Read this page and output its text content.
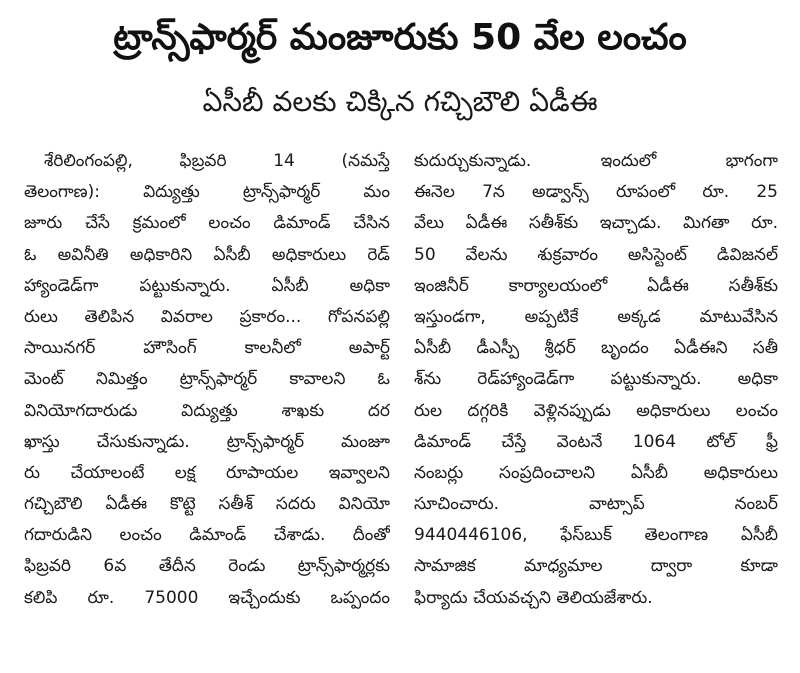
ట్రాన్స్‌ఫార్మర్ మంజూరుకు 50 వేల లంచం
ఏసీబీ వలకు చిక్కిన గచ్చిబౌలి ఏడీఈ
శేరిలింగంపల్లి, ఫిబ్రవరి 14 (నమస్తే
తెలంగాణ): విద్యుత్తు ట్రాన్స్‌ఫార్మర్ మం
జూరు చేసే క్రమంలో లంచం డిమాండ్ చేసిన
ఓ అవినీతి అధికారిని ఏసీబీ అధికారులు రెడ్
హ్యాండెడ్‌గా పట్టుకున్నారు. ఏసీబీ అధికా
రులు తెలిపిన వివరాల ప్రకారం... గోపనపల్లి
సాయినగర్ హౌసింగ్ కాలనీలో అపార్ట్
మెంట్ నిమిత్తం ట్రాన్స్‌ఫార్మర్ కావాలని ఓ
వినియోగదారుడు విద్యుత్తు శాఖకు దర
ఖాస్తు చేసుకున్నాడు. ట్రాన్స్‌ఫార్మర్ మంజూ
రు చేయాలంటే లక్ష రూపాయల ఇవ్వాలని
గచ్చిబౌలి ఏడీఈ కొట్టె సతీశ్ సదరు వినియో
గదారుడిని లంచం డిమాండ్ చేశాడు. దీంతో
ఫిబ్రవరి 6వ తేదీన రెండు ట్రాన్స్‌ఫార్మర్లకు
కలిపి రూ. 75000 ఇచ్చేందుకు ఒప్పందం
కుదుర్చుకున్నాడు. ఇందులో భాగంగా
ఈనెల 7న అడ్వాన్స్ రూపంలో రూ. 25
వేలు ఏడీఈ సతీశ్‌కు ఇచ్చాడు. మిగతా రూ.
50 వేలను శుక్రవారం అసిస్టెంట్ డివిజనల్
ఇంజినీర్ కార్యాలయంలో ఏడీఈ సతీశ్‌కు
ఇస్తుండగా, అప్పటికే అక్కడ మాటువేసిన
ఏసీబీ డీఎస్పీ శ్రీధర్ బృందం ఏడీఈని సతీ
శ్‌ను రెడ్‌హ్యాండెడ్‌గా పట్టుకున్నారు. అధికా
రుల దగ్గరికి వెళ్లినప్పుడు అధికారులు లంచం
డిమాండ్ చేస్తే వెంటనే 1064 టోల్ ఫ్రీ
నంబర్లు సంప్రదించాలని ఏసీబీ అధికారులు
సూచించారు. వాట్సాప్ నంబర్
9440446106, ఫేస్‌బుక్ తెలంగాణ ఏసీబీ
సామాజిక మాధ్యమాల ద్వారా కూడా
ఫిర్యాదు చేయవచ్చని తెలియజేశారు.
